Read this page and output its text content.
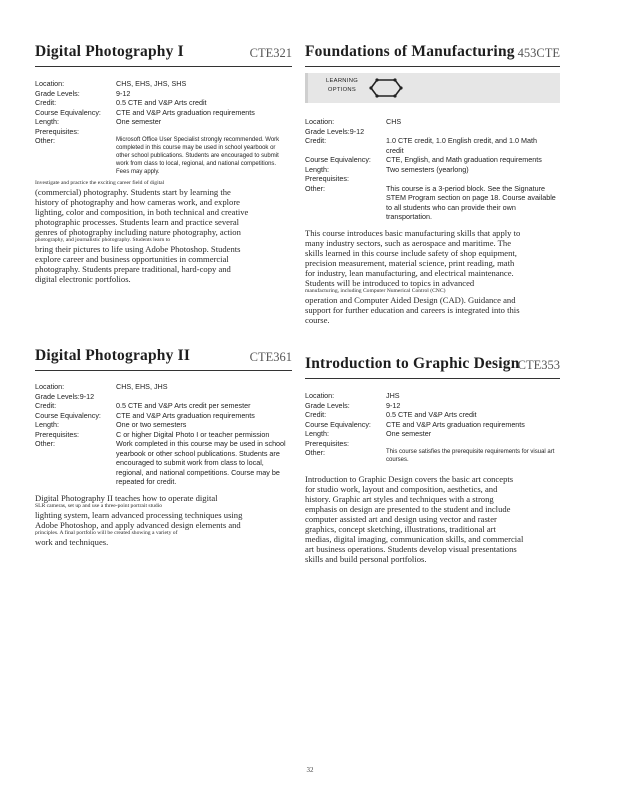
Digital Photography I	CTE321
Location:	CHS, EHS, JHS, SHS
Grade Levels:	9-12
Credit:	0.5 CTE and V&P Arts credit
Course Equivalency:	CTE and V&P Arts graduation requirements
Length:	One semester
Prerequisites:	
Other:	Microsoft Office User Specialist strongly recommended. Work completed in this course may be used in school yearbook or other school publications. Students are encouraged to submit work from class to local, regional, and national competitions. Fees may apply.
Investigate and practice the exciting career field of digital
(commercial) photography. Students start by learning the
history of photography and how cameras work, and explore
lighting, color and composition, in both technical and creative
photographic processes. Students learn and practice several
genres of photography including nature photography, action
photography, and journalistic photography. Students learn to
bring their pictures to life using Adobe Photoshop. Students
explore career and business opportunities in commercial
photography. Students prepare traditional, hard-copy and
digital electronic portfolios.
Digital Photography II	CTE361
Location:	CHS, EHS, JHS
Grade Levels:9-12	
Credit:	0.5 CTE and V&P Arts credit per semester
Course Equivalency:	CTE and V&P Arts graduation requirements
Length:	One or two semesters
Prerequisites:	C or higher Digital Photo I or teacher permission
Other:	Work completed in this course may be used in school yearbook or other school publications. Students are encouraged to submit work from class to local, regional, and national competitions. Course may be repeated for credit.
Digital Photography II teaches how to operate digital
SLR cameras, set up and use a three-point portrait studio
lighting system, learn advanced processing techniques using
Adobe Photoshop, and apply advanced design elements and
principles. A final portfolio will be created showing a variety of
work and techniques.
Foundations of Manufacturing 453CTE
LEARNING OPTIONS
Location:	CHS
Grade Levels:9-12	
Credit:	1.0 CTE credit, 1.0 English credit, and 1.0 Math credit
Course Equivalency:	CTE, English, and Math graduation requirements
Length:	Two semesters (yearlong)
Prerequisites:	
Other:	This course is a 3-period block. See the Signature STEM Program section on page 18. Course available to all students who can provide their own transportation.
This course introduces basic manufacturing skills that apply to
many industry sectors, such as aerospace and maritime. The
skills learned in this course include safety of shop equipment,
precision measurement, material science, print reading, math
for industry, lean manufacturing, and electrical maintenance.
Students will be introduced to topics in advanced
manufacturing, including Computer Numerical Control (CNC)
operation and Computer Aided Design (CAD). Guidance and
support for further education and careers is integrated into this
course.
Introduction to Graphic Design
CTE353
Location:	JHS
Grade Levels:	9-12
Credit:	0.5 CTE and V&P Arts credit
Course Equivalency:	CTE and V&P Arts graduation requirements
Length:	One semester
Prerequisites:	
Other:	This course satisfies the prerequisite requirements for visual art courses.
Introduction to Graphic Design covers the basic art concepts
for studio work, layout and composition, aesthetics, and
history. Graphic art styles and techniques with a strong
emphasis on design are presented to the student and include
computer assisted art and design using vector and raster
graphics, concept sketching, illustrations, traditional art
medias, digital imaging, communication skills, and commercial
art business operations. Students develop visual presentations
skills and build personal portfolios.
32
